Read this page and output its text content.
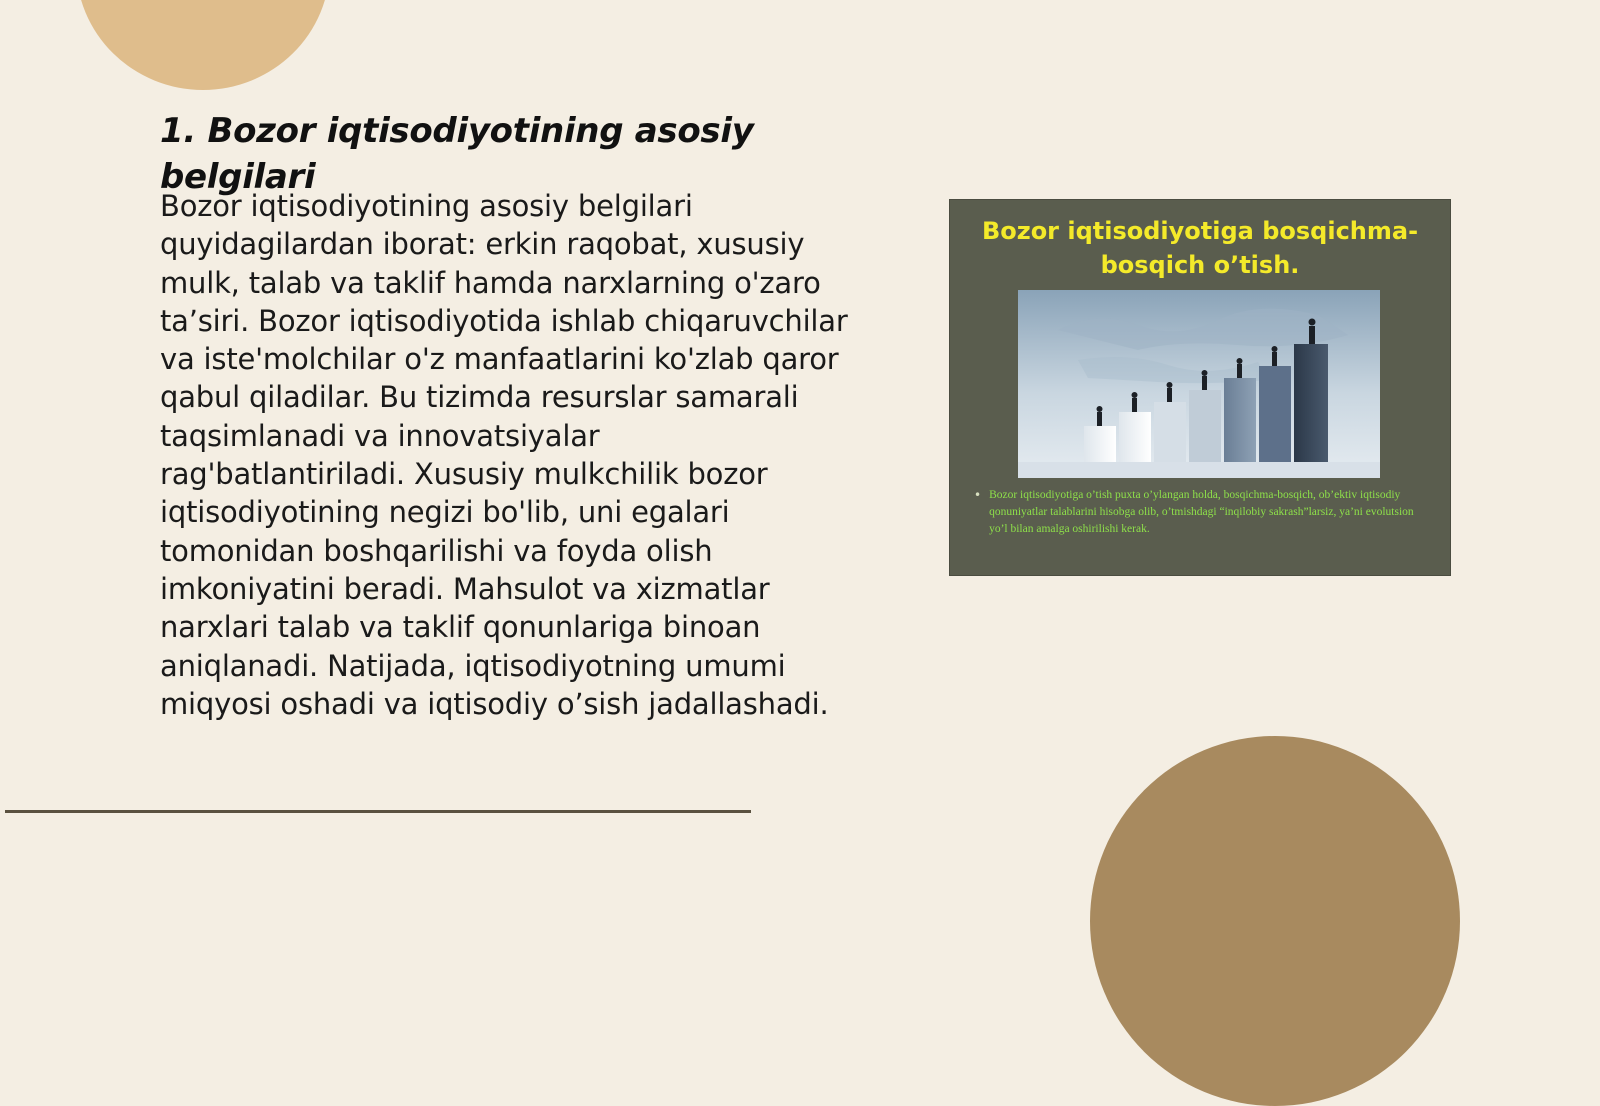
1. Bozor iqtisodiyotining asosiy belgilari

Bozor iqtisodiyotining asosiy belgilari quyidagilardan iborat: erkin raqobat, xususiy mulk, talab va taklif hamda narxlarning o'zaro ta’siri. Bozor iqtisodiyotida ishlab chiqaruvchilar va iste'molchilar o'z manfaatlarini ko'zlab qaror qabul qiladilar. Bu tizimda resurslar samarali taqsimlanadi va innovatsiyalar rag'batlantiriladi. Xususiy mulkchilik bozor iqtisodiyotining negizi bo'lib, uni egalari tomonidan boshqarilishi va foyda olish imkoniyatini beradi. Mahsulot va xizmatlar narxlari talab va taklif qonunlariga binoan aniqlanadi. Natijada, iqtisodiyotning umumi miqyosi oshadi va iqtisodiy o’sish jadallashadi.

Bozor iqtisodiyotiga bosqichma-bosqich o’tish.
• Bozor iqtisodiyotiga o’tish puxta o’ylangan holda, bosqichma-bosqich, ob’ektiv iqtisodiy qonuniyatlar talablarini hisobga olib, o’tmishdagi “inqilobiy sakrash”larsiz, ya’ni evolutsion yo’l bilan amalga oshirilishi kerak.
